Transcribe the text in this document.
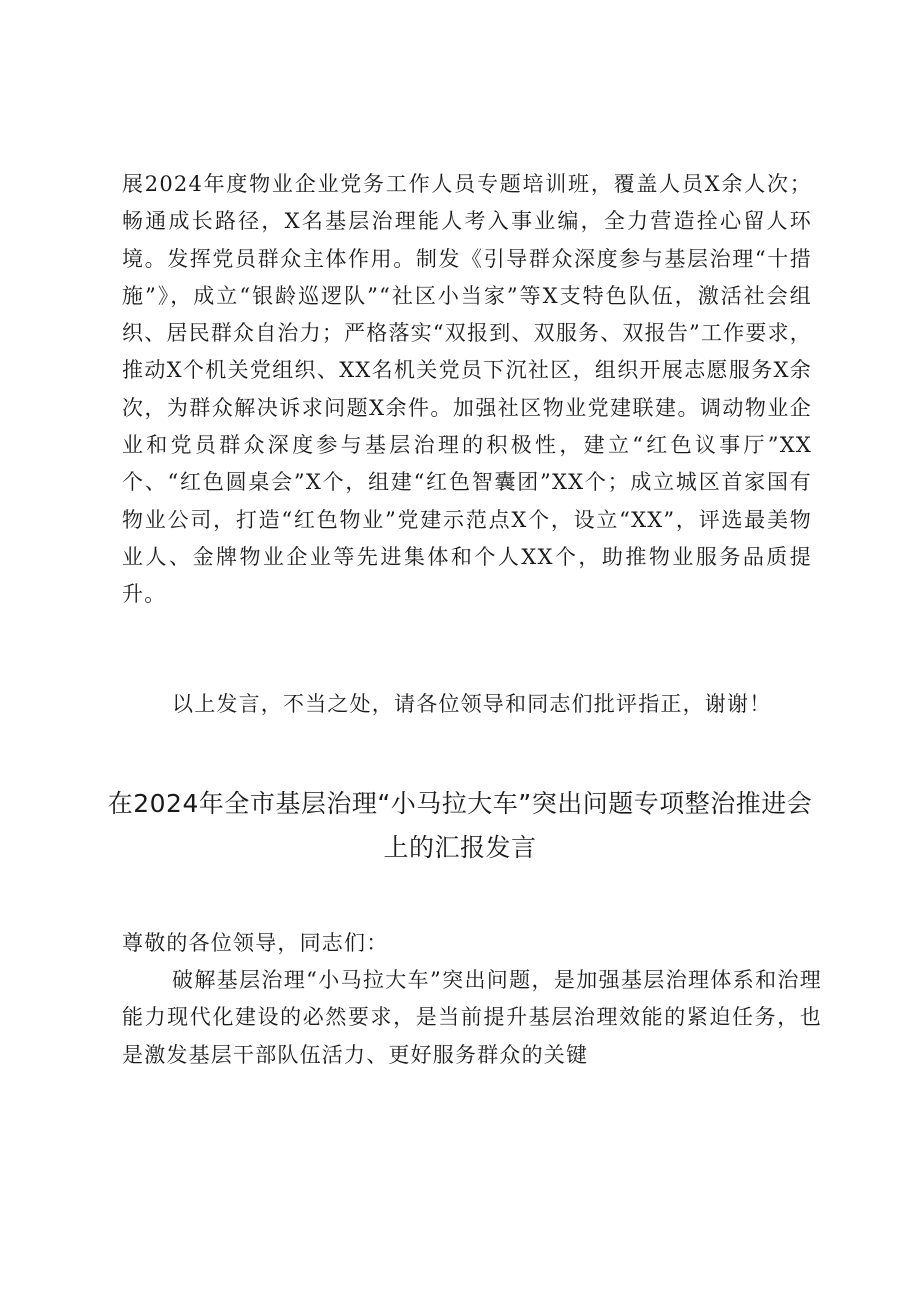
展2024年度物业企业党务工作人员专题培训班，覆盖人员X余人次；畅通成长路径，X名基层治理能人考入事业编，全力营造拴心留人环境。发挥党员群众主体作用。制发《引导群众深度参与基层治理“十措施”》，成立“银龄巡逻队”“社区小当家”等X支特色队伍，激活社会组织、居民群众自治力；严格落实“双报到、双服务、双报告”工作要求，推动X个机关党组织、XX名机关党员下沉社区，组织开展志愿服务X余次，为群众解决诉求问题X余件。加强社区物业党建联建。调动物业企业和党员群众深度参与基层治理的积极性，建立“红色议事厅”XX个、“红色圆桌会”X个，组建“红色智囊团”XX个；成立城区首家国有物业公司，打造“红色物业”党建示范点X个，设立“XX”，评选最美物业人、金牌物业企业等先进集体和个人XX个，助推物业服务品质提升。

以上发言，不当之处，请各位领导和同志们批评指正，谢谢！

在2024年全市基层治理“小马拉大车”突出问题专项整治推进会上的汇报发言

尊敬的各位领导，同志们：

破解基层治理“小马拉大车”突出问题，是加强基层治理体系和治理能力现代化建设的必然要求，是当前提升基层治理效能的紧迫任务，也是激发基层干部队伍活力、更好服务群众的关键
